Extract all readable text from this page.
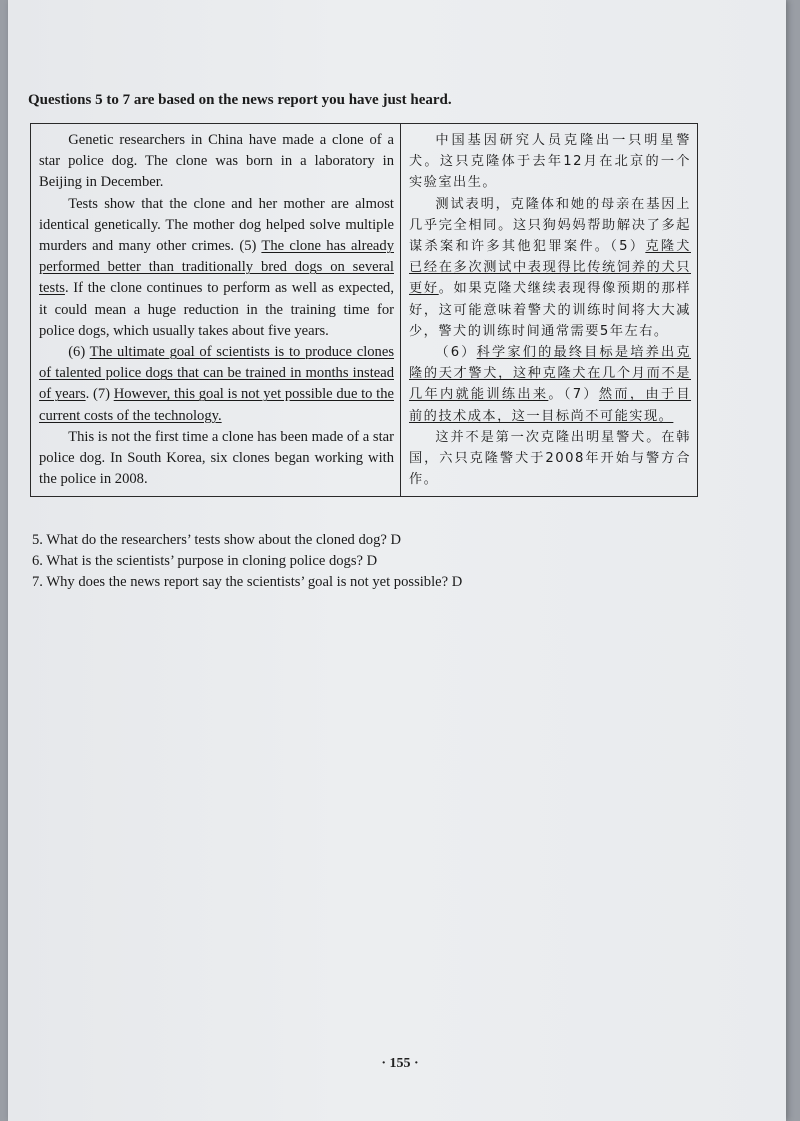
Questions 5 to 7 are based on the news report you have just heard.

Genetic researchers in China have made a clone of a star police dog. The clone was born in a laboratory in Beijing in December.

Tests show that the clone and her mother are almost identical genetically. The mother dog helped solve multiple murders and many other crimes. (5) The clone has already performed better than traditionally bred dogs on several tests. If the clone continues to perform as well as expected, it could mean a huge reduction in the training time for police dogs, which usually takes about five years.

(6) The ultimate goal of scientists is to produce clones of talented police dogs that can be trained in months instead of years. (7) However, this goal is not yet possible due to the current costs of the technology.

This is not the first time a clone has been made of a star police dog. In South Korea, six clones began working with the police in 2008.

中国基因研究人员克隆出一只明星警犬。这只克隆体于去年12月在北京的一个实验室出生。

测试表明，克隆体和她的母亲在基因上几乎完全相同。这只狗妈妈帮助解决了多起谋杀案和许多其他犯罪案件。（5）克隆犬已经在多次测试中表现得比传统饲养的犬只更好。如果克隆犬继续表现得像预期的那样好，这可能意味着警犬的训练时间将大大减少，警犬的训练时间通常需要5年左右。

（6）科学家们的最终目标是培养出克隆的天才警犬，这种克隆犬在几个月而不是几年内就能训练出来。（7）然而，由于目前的技术成本，这一目标尚不可能实现。

这并不是第一次克隆出明星警犬。在韩国，六只克隆警犬于2008年开始与警方合作。

5. What do the researchers’ tests show about the cloned dog? D
6. What is the scientists’ purpose in cloning police dogs? D
7. Why does the news report say the scientists’ goal is not yet possible? D
· 155 ·
